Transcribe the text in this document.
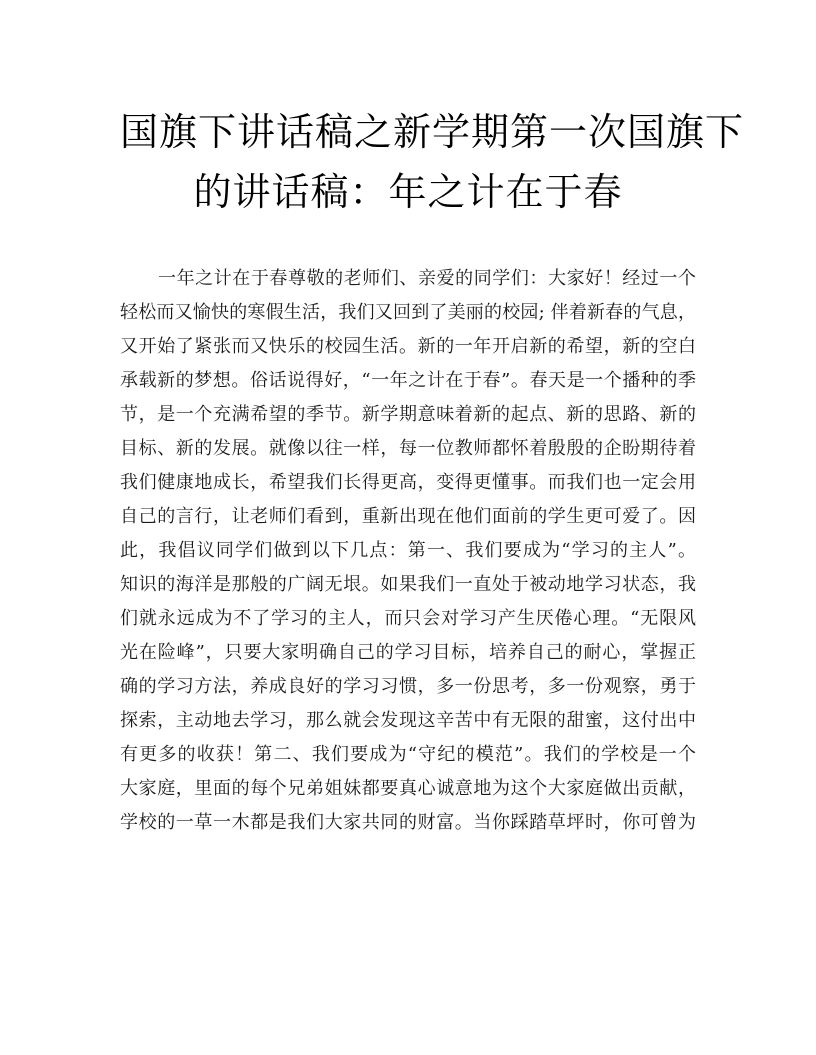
国旗下讲话稿之新学期第一次国旗下
的讲话稿：年之计在于春
一年之计在于春尊敬的老师们、亲爱的同学们：大家好！经过一个
轻松而又愉快的寒假生活，我们又回到了美丽的校园; 伴着新春的气息，
又开始了紧张而又快乐的校园生活。新的一年开启新的希望，新的空白
承载新的梦想。俗话说得好，“一年之计在于春”。春天是一个播种的季
节，是一个充满希望的季节。新学期意味着新的起点、新的思路、新的
目标、新的发展。就像以往一样，每一位教师都怀着殷殷的企盼期待着
我们健康地成长，希望我们长得更高，变得更懂事。而我们也一定会用
自己的言行，让老师们看到，重新出现在他们面前的学生更可爱了。因
此，我倡议同学们做到以下几点：第一、我们要成为“学习的主人”。
知识的海洋是那般的广阔无垠。如果我们一直处于被动地学习状态，我
们就永远成为不了学习的主人，而只会对学习产生厌倦心理。“无限风
光在险峰”，只要大家明确自己的学习目标，培养自己的耐心，掌握正
确的学习方法，养成良好的学习习惯，多一份思考，多一份观察，勇于
探索，主动地去学习，那么就会发现这辛苦中有无限的甜蜜，这付出中
有更多的收获！第二、我们要成为“守纪的模范”。我们的学校是一个
大家庭，里面的每个兄弟姐妹都要真心诚意地为这个大家庭做出贡献，
学校的一草一木都是我们大家共同的财富。当你踩踏草坪时，你可曾为
